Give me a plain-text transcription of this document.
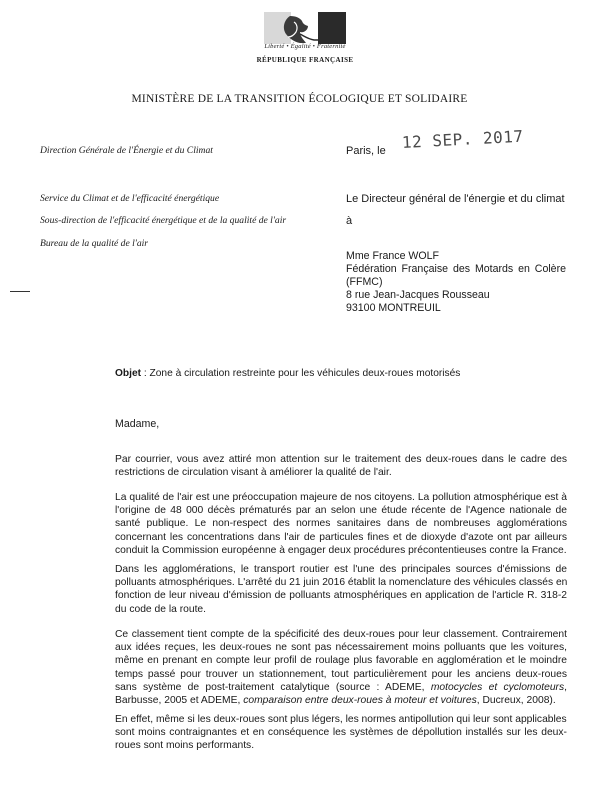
Liberté • Égalité • Fraternité
RÉPUBLIQUE FRANÇAISE
MINISTÈRE DE LA TRANSITION ÉCOLOGIQUE ET SOLIDAIRE
Direction Générale de l'Énergie et du Climat
Service du Climat et de l'efficacité énergétique
Sous-direction de l'efficacité énergétique et de la qualité de l'air
Bureau de la qualité de l'air
Paris, le 12 SEP. 2017
Le Directeur général de l'énergie et du climat
à
Mme France WOLF
Fédération Française des Motards en Colère
(FFMC)
8 rue Jean-Jacques Rousseau
93100 MONTREUIL
Objet : Zone à circulation restreinte pour les véhicules deux-roues motorisés
Madame,
Par courrier, vous avez attiré mon attention sur le traitement des deux-roues dans le cadre des
restrictions de circulation visant à améliorer la qualité de l'air.
La qualité de l'air est une préoccupation majeure de nos citoyens. La pollution atmosphérique est à
l'origine de 48 000 décès prématurés par an selon une étude récente de l'Agence nationale de
santé publique. Le non-respect des normes sanitaires dans de nombreuses agglomérations
concernant les concentrations dans l'air de particules fines et de dioxyde d'azote ont par ailleurs
conduit la Commission européenne à engager deux procédures précontentieuses contre la France.
Dans les agglomérations, le transport routier est l'une des principales sources d'émissions de
polluants atmosphériques. L'arrêté du 21 juin 2016 établit la nomenclature des véhicules classés en
fonction de leur niveau d'émission de polluants atmosphériques en application de l'article R. 318-2
du code de la route.
Ce classement tient compte de la spécificité des deux-roues pour leur classement. Contrairement
aux idées reçues, les deux-roues ne sont pas nécessairement moins polluants que les voitures,
même en prenant en compte leur profil de roulage plus favorable en agglomération et le moindre
temps passé pour trouver un stationnement, tout particulièrement pour les anciens deux-roues
sans système de post-traitement catalytique (source : ADEME, motocycles et cyclomoteurs,
Barbusse, 2005 et ADEME, comparaison entre deux-roues à moteur et voitures, Ducreux, 2008).
En effet, même si les deux-roues sont plus légers, les normes antipollution qui leur sont applicables
sont moins contraignantes et en conséquence les systèmes de dépollution installés sur les deux-
roues sont moins performants.
